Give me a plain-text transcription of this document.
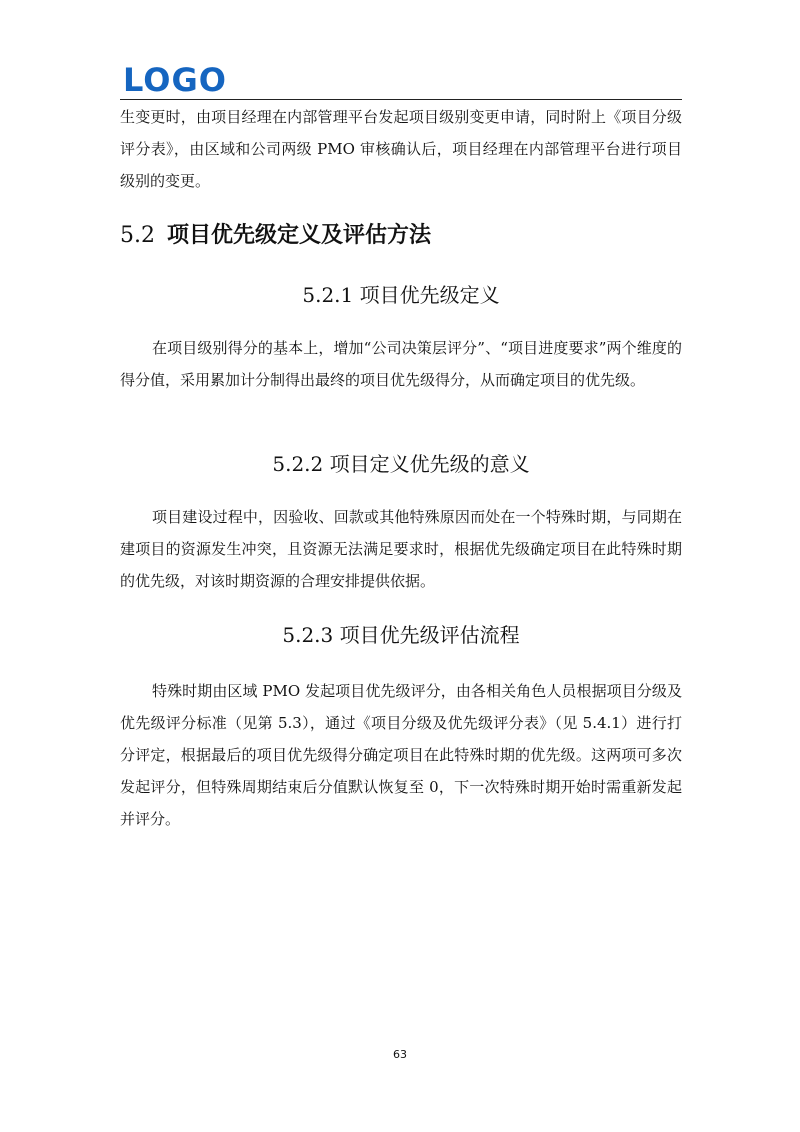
LOGO

生变更时，由项目经理在内部管理平台发起项目级别变更申请，同时附上《项目分级评分表》，由区域和公司两级 PMO 审核确认后，项目经理在内部管理平台进行项目级别的变更。

5.2 项目优先级定义及评估方法
5.2.1 项目优先级定义

在项目级别得分的基本上，增加“公司决策层评分”、“项目进度要求”两个维度的得分值，采用累加计分制得出最终的项目优先级得分，从而确定项目的优先级。

5.2.2 项目定义优先级的意义

项目建设过程中，因验收、回款或其他特殊原因而处在一个特殊时期，与同期在建项目的资源发生冲突，且资源无法满足要求时，根据优先级确定项目在此特殊时期的优先级，对该时期资源的合理安排提供依据。

5.2.3 项目优先级评估流程

特殊时期由区域 PMO 发起项目优先级评分，由各相关角色人员根据项目分级及优先级评分标准（见第 5.3），通过《项目分级及优先级评分表》（见 5.4.1）进行打分评定，根据最后的项目优先级得分确定项目在此特殊时期的优先级。这两项可多次发起评分，但特殊周期结束后分值默认恢复至 0，下一次特殊时期开始时需重新发起并评分。

63
